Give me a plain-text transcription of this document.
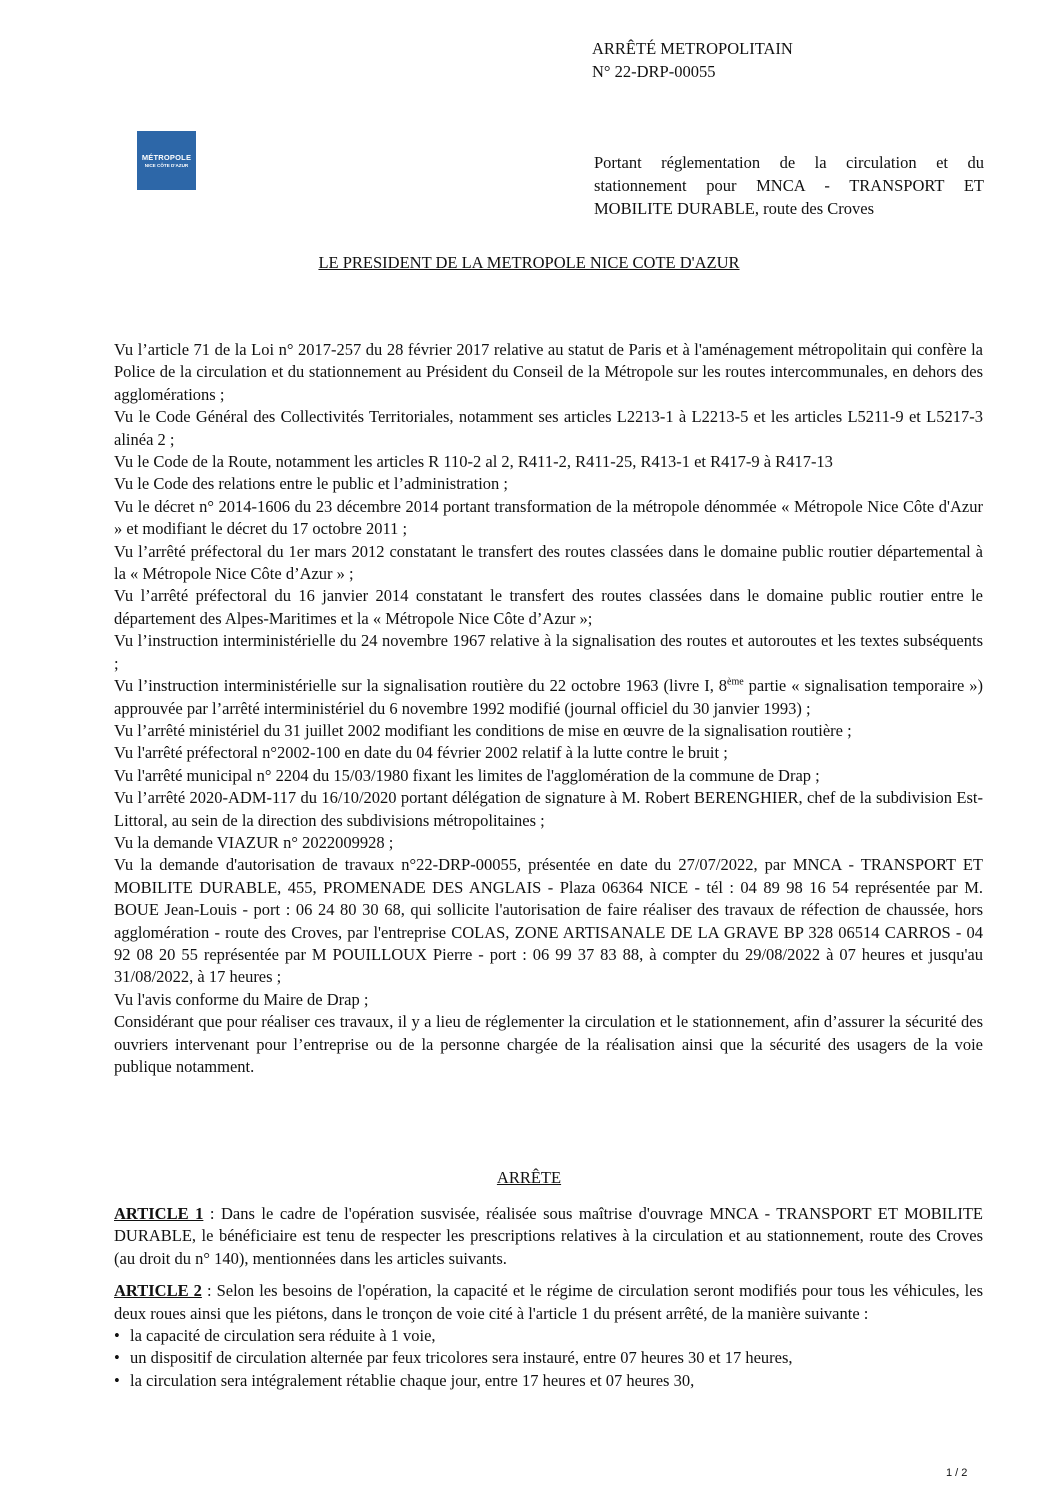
ARRÊTÉ METROPOLITAIN
N° 22-DRP-00055
MÉTROPOLE
NICE CÔTE D'AZUR	Portant réglementation de la circulation et du stationnement pour MNCA - TRANSPORT ET MOBILITE DURABLE, route des Croves
LE PRESIDENT DE LA METROPOLE NICE COTE D'AZUR

Vu l’article 71 de la Loi n° 2017-257 du 28 février 2017 relative au statut de Paris et à l'aménagement métropolitain qui confère la Police de la circulation et du stationnement au Président du Conseil de la Métropole sur les routes intercommunales, en dehors des agglomérations ;

Vu le Code Général des Collectivités Territoriales, notamment ses articles L2213-1 à L2213-5 et les articles L5211-9 et L5217-3 alinéa 2 ;

Vu le Code de la Route, notamment les articles R 110-2 al 2, R411-2, R411-25, R413-1 et R417-9 à R417-13

Vu le Code des relations entre le public et l’administration ;

Vu le décret n° 2014-1606 du 23 décembre 2014 portant transformation de la métropole dénommée « Métropole Nice Côte d'Azur » et modifiant le décret du 17 octobre 2011 ;

Vu l’arrêté préfectoral du 1er mars 2012 constatant le transfert des routes classées dans le domaine public routier départemental à la « Métropole Nice Côte d’Azur » ;

Vu l’arrêté préfectoral du 16 janvier 2014 constatant le transfert des routes classées dans le domaine public routier entre le département des Alpes-Maritimes et la « Métropole Nice Côte d’Azur »;

Vu l’instruction interministérielle du 24 novembre 1967 relative à la signalisation des routes et autoroutes et les textes subséquents ;

Vu l’instruction interministérielle sur la signalisation routière du 22 octobre 1963 (livre I, 8ème partie « signalisation temporaire ») approuvée par l’arrêté interministériel du 6 novembre 1992 modifié (journal officiel du 30 janvier 1993) ;

Vu l’arrêté ministériel du 31 juillet 2002 modifiant les conditions de mise en œuvre de la signalisation routière ;

Vu l'arrêté préfectoral n°2002-100 en date du 04 février 2002 relatif à la lutte contre le bruit ;

Vu l'arrêté municipal n° 2204 du 15/03/1980 fixant les limites de l'agglomération de la commune de Drap ;

Vu l’arrêté 2020-ADM-117 du 16/10/2020 portant délégation de signature à M. Robert BERENGHIER, chef de la subdivision Est-Littoral, au sein de la direction des subdivisions métropolitaines ;

Vu la demande VIAZUR n° 2022009928 ;

Vu la demande d'autorisation de travaux n°22-DRP-00055, présentée en date du 27/07/2022, par MNCA - TRANSPORT ET MOBILITE DURABLE, 455, PROMENADE DES ANGLAIS - Plaza 06364 NICE - tél : 04 89 98 16 54 représentée par M. BOUE Jean-Louis - port : 06 24 80 30 68, qui sollicite l'autorisation de faire réaliser des travaux de réfection de chaussée, hors agglomération - route des Croves, par l'entreprise COLAS, ZONE ARTISANALE DE LA GRAVE BP 328 06514 CARROS - 04 92 08 20 55 représentée par M POUILLOUX Pierre - port : 06 99 37 83 88, à compter du 29/08/2022 à 07 heures et jusqu'au 31/08/2022, à 17 heures ;

Vu l'avis conforme du Maire de Drap ;

Considérant que pour réaliser ces travaux, il y a lieu de réglementer la circulation et le stationnement, afin d’assurer la sécurité des ouvriers intervenant pour l’entreprise ou de la personne chargée de la réalisation ainsi que la sécurité des usagers de la voie publique notamment.

ARRÊTE

ARTICLE 1 : Dans le cadre de l'opération susvisée, réalisée sous maîtrise d'ouvrage MNCA - TRANSPORT ET MOBILITE DURABLE, le bénéficiaire est tenu de respecter les prescriptions relatives à la circulation et au stationnement, route des Croves (au droit du n° 140), mentionnées dans les articles suivants.

ARTICLE 2 : Selon les besoins de l'opération, la capacité et le régime de circulation seront modifiés pour tous les véhicules, les deux roues ainsi que les piétons, dans le tronçon de voie cité à l'article 1 du présent arrêté, de la manière suivante :

• la capacité de circulation sera réduite à 1 voie,
• un dispositif de circulation alternée par feux tricolores sera instauré, entre 07 heures 30 et 17 heures,
• la circulation sera intégralement rétablie chaque jour, entre 17 heures et 07 heures 30,
1 / 2
